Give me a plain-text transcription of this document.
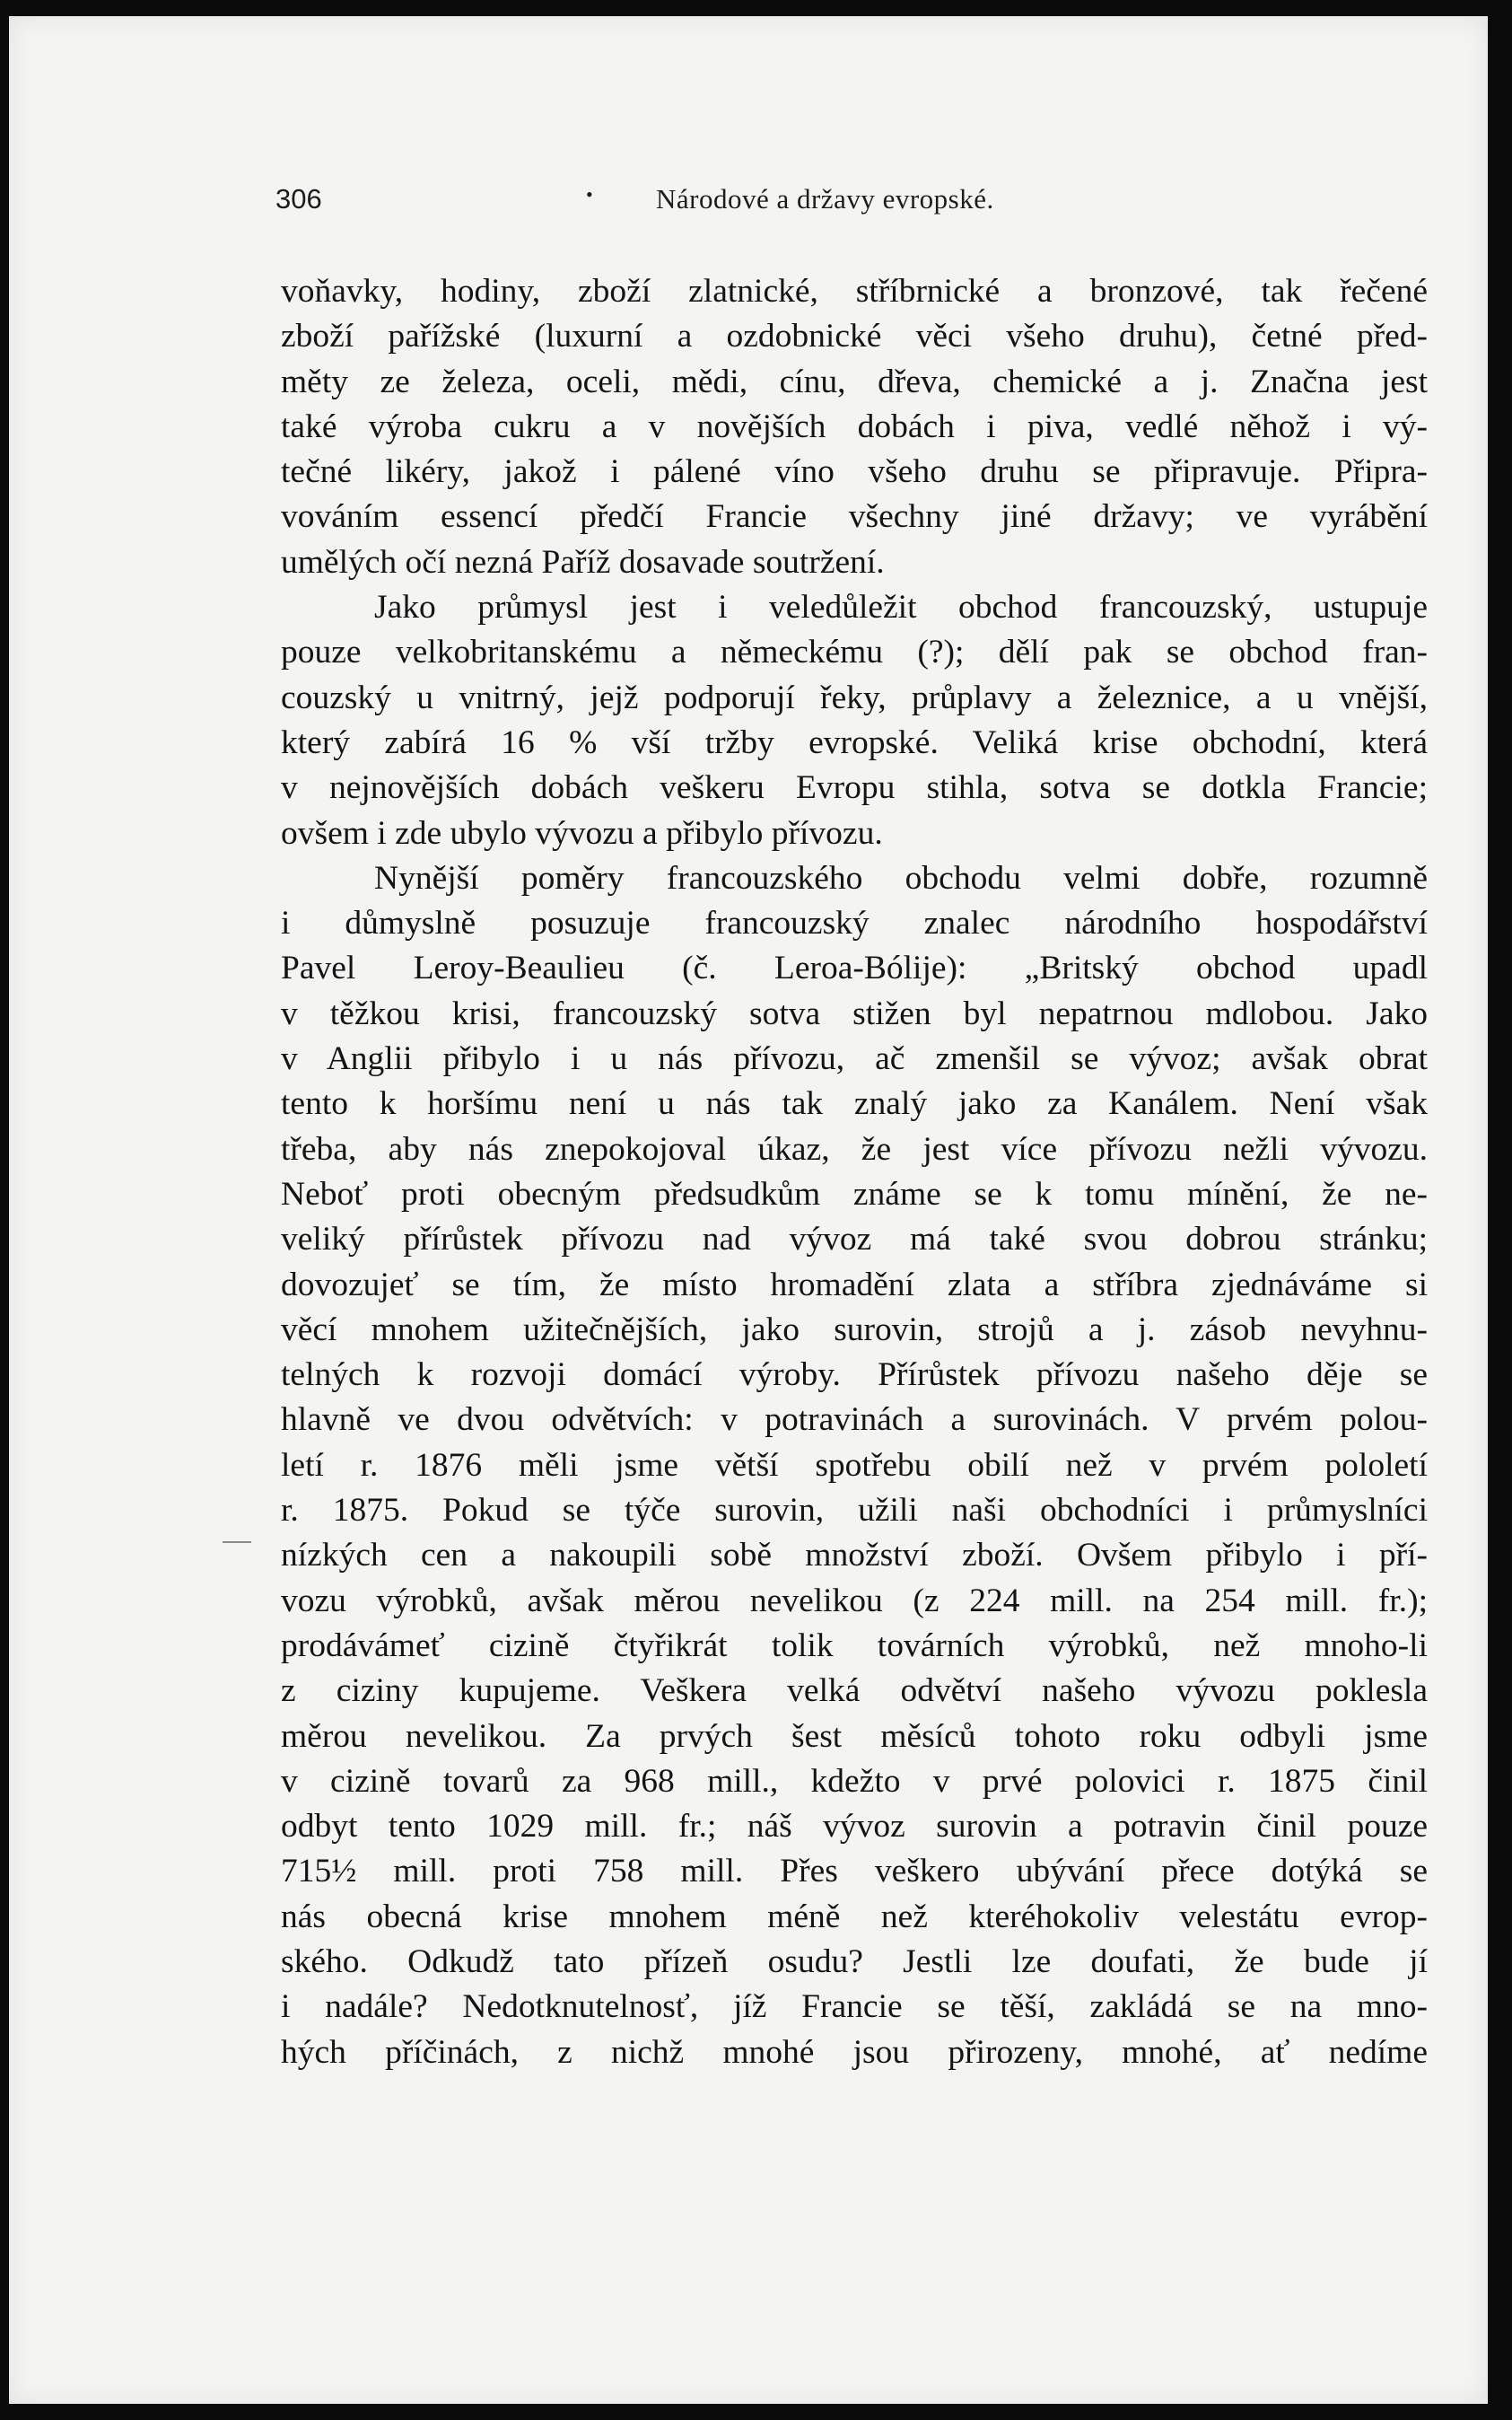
306	• Národové a državy evropské.
voňavky, hodiny, zboží zlatnické, stříbrnické a bronzové, tak řečené
zboží pařížské (luxurní a ozdobnické věci všeho druhu), četné před-
měty ze železa, oceli, mědi, cínu, dřeva, chemické a j. Značna jest
také výroba cukru a v novějších dobách i piva, vedlé něhož i vý-
tečné likéry, jakož i pálené víno všeho druhu se připravuje. Připra-
vováním essencí předčí Francie všechny jiné državy; ve vyrábění
umělých očí nezná Paříž dosavade soutržení.
Jako průmysl jest i veledůležit obchod francouzský, ustupuje
pouze velkobritanskému a německému (?); dělí pak se obchod fran-
couzský u vnitrný, jejž podporují řeky, průplavy a železnice, a u vnější,
který zabírá 16 % vší tržby evropské. Veliká krise obchodní, která
v nejnovějších dobách veškeru Evropu stihla, sotva se dotkla Francie;
ovšem i zde ubylo vývozu a přibylo přívozu.
Nynější poměry francouzského obchodu velmi dobře, rozumně
i důmyslně posuzuje francouzský znalec národního hospodářství
Pavel Leroy-Beaulieu (č. Leroa-Bólije): „Britský obchod upadl
v těžkou krisi, francouzský sotva stižen byl nepatrnou mdlobou. Jako
v Anglii přibylo i u nás přívozu, ač zmenšil se vývoz; avšak obrat
tento k horšímu není u nás tak znalý jako za Kanálem. Není však
třeba, aby nás znepokojoval úkaz, že jest více přívozu nežli vývozu.
Neboť proti obecným předsudkům známe se k tomu mínění, že ne-
veliký přírůstek přívozu nad vývoz má také svou dobrou stránku;
dovozujeť se tím, že místo hromadění zlata a stříbra zjednáváme si
věcí mnohem užitečnějších, jako surovin, strojů a j. zásob nevyhnu-
telných k rozvoji domácí výroby. Přírůstek přívozu našeho děje se
hlavně ve dvou odvětvích: v potravinách a surovinách. V prvém polou-
letí r. 1876 měli jsme větší spotřebu obilí než v prvém pololetí
r. 1875. Pokud se týče surovin, užili naši obchodníci i průmyslníci
nízkých cen a nakoupili sobě množství zboží. Ovšem přibylo i pří-
vozu výrobků, avšak měrou nevelikou (z 224 mill. na 254 mill. fr.);
prodávámeť cizině čtyřikrát tolik továrních výrobků, než mnoho-li
z ciziny kupujeme. Veškera velká odvětví našeho vývozu poklesla
měrou nevelikou. Za prvých šest měsíců tohoto roku odbyli jsme
v cizině tovarů za 968 mill., kdežto v prvé polovici r. 1875 činil
odbyt tento 1029 mill. fr.; náš vývoz surovin a potravin činil pouze
715½ mill. proti 758 mill. Přes veškero ubývání přece dotýká se
nás obecná krise mnohem méně než kteréhokoliv velestátu evrop-
ského. Odkudž tato přízeň osudu? Jestli lze doufati, že bude jí
i nadále? Nedotknutelnosť, jíž Francie se těší, zakládá se na mno-
hých příčinách, z nichž mnohé jsou přirozeny, mnohé, ať nedíme
